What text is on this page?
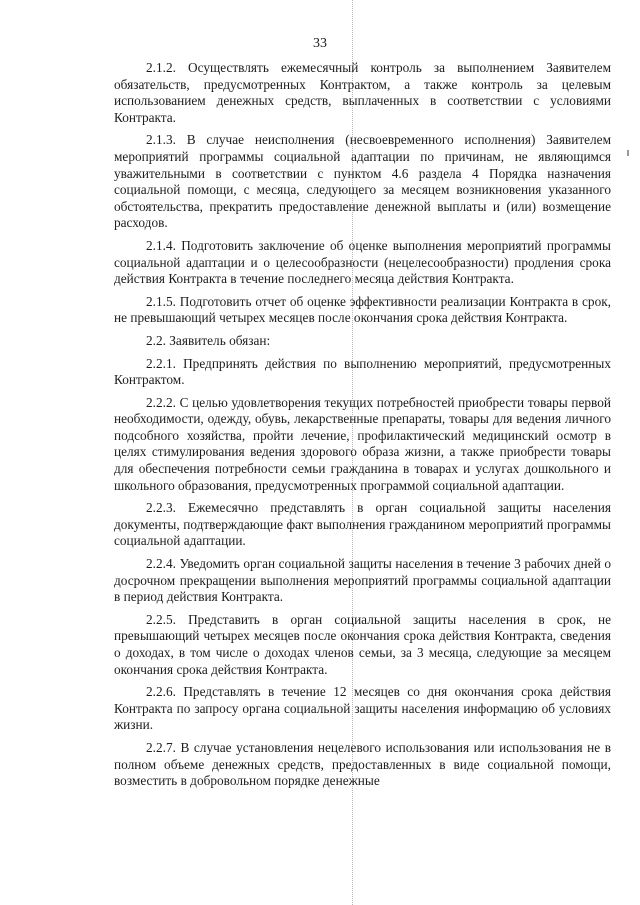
33

2.1.2. Осуществлять ежемесячный контроль за выполнением Заявителем обязательств, предусмотренных Контрактом, а также контроль за целевым использованием денежных средств, выплаченных в соответствии с условиями Контракта.

2.1.3. В случае неисполнения (несвоевременного исполнения) Заявителем мероприятий программы социальной адаптации по причинам, не являющимся уважительными в соответствии с пунктом 4.6 раздела 4 Порядка назначения социальной помощи, с месяца, следующего за месяцем возникновения указанного обстоятельства, прекратить предоставление денежной выплаты и (или) возмещение расходов.

2.1.4. Подготовить заключение об оценке выполнения мероприятий программы социальной адаптации и о целесообразности (нецелесообразности) продления срока действия Контракта в течение последнего месяца действия Контракта.

2.1.5. Подготовить отчет об оценке эффективности реализации Контракта в срок, не превышающий четырех месяцев после окончания срока действия Контракта.

2.2. Заявитель обязан:

2.2.1. Предпринять действия по выполнению мероприятий, предусмотренных Контрактом.

2.2.2. С целью удовлетворения текущих потребностей приобрести товары первой необходимости, одежду, обувь, лекарственные препараты, товары для ведения личного подсобного хозяйства, пройти лечение, профилактический медицинский осмотр в целях стимулирования ведения здорового образа жизни, а также приобрести товары для обеспечения потребности семьи гражданина в товарах и услугах дошкольного и школьного образования, предусмотренных программой социальной адаптации.

2.2.3. Ежемесячно представлять в орган социальной защиты населения документы, подтверждающие факт выполнения гражданином мероприятий программы социальной адаптации.

2.2.4. Уведомить орган социальной защиты населения в течение 3 рабочих дней о досрочном прекращении выполнения мероприятий программы социальной адаптации в период действия Контракта.

2.2.5. Представить в орган социальной защиты населения в срок, не превышающий четырех месяцев после окончания срока действия Контракта, сведения о доходах, в том числе о доходах членов семьи, за 3 месяца, следующие за месяцем окончания срока действия Контракта.

2.2.6. Представлять в течение 12 месяцев со дня окончания срока действия Контракта по запросу органа социальной защиты населения информацию об условиях жизни.

2.2.7. В случае установления нецелевого использования или использования не в полном объеме денежных средств, предоставленных в виде социальной помощи, возместить в добровольном порядке денежные
